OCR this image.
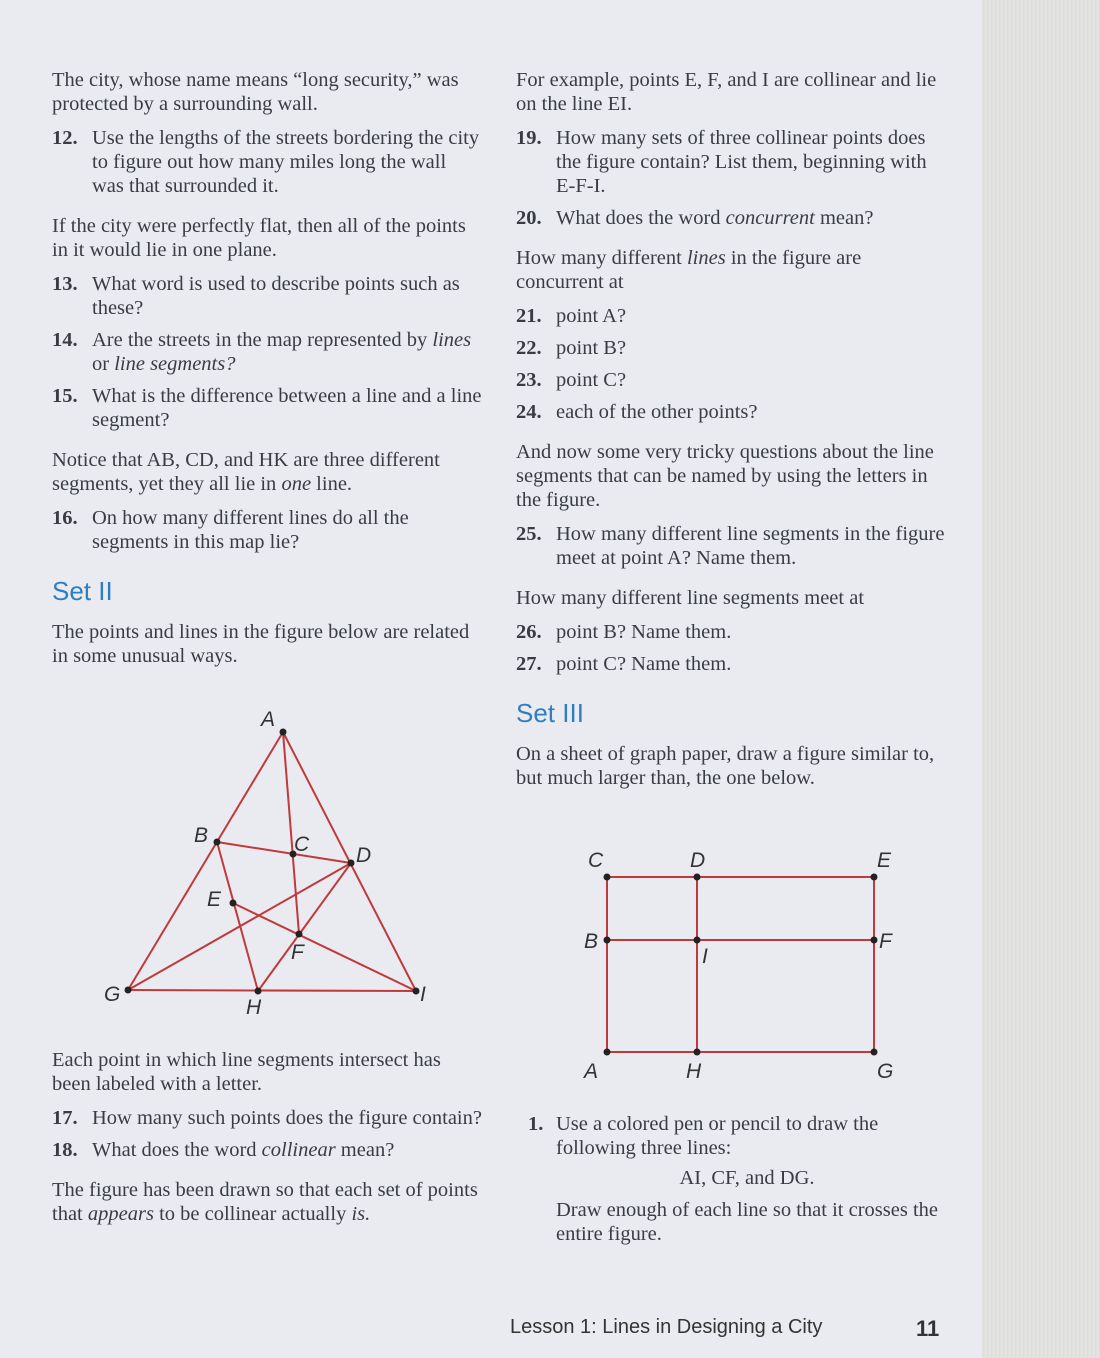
The city, whose name means “long security,” was protected by a surrounding wall.

12. Use the lengths of the streets bordering the city to figure out how many miles long the wall was that surrounded it.

If the city were perfectly flat, then all of the points in it would lie in one plane.

13. What word is used to describe points such as these?
14. Are the streets in the map represented by lines or line segments?
15. What is the difference between a line and a line segment?

Notice that AB, CD, and HK are three different segments, yet they all lie in one line.

16. On how many different lines do all the segments in this map lie?
Set II

The points and lines in the figure below are related in some unusual ways.

A
B	C D
E
F
G
H
I

Each point in which line segments intersect has been labeled with a letter.

17. How many such points does the figure contain?
18. What does the word collinear mean?

The figure has been drawn so that each set of points that appears to be collinear actually is.

For example, points E, F, and I are collinear and lie on the line EI.

19. How many sets of three collinear points does the figure contain? List them, beginning with E-F-I.
20. What does the word concurrent mean?

How many different lines in the figure are concurrent at

21. point A?
22. point B?
23. point C?
24. each of the other points?

And now some very tricky questions about the line segments that can be named by using the letters in the figure.

25. How many different line segments in the figure meet at point A? Name them.

How many different line segments meet at

26. point B? Name them.
27. point C? Name them.
Set III

On a sheet of graph paper, draw a figure similar to, but much larger than, the one below.

C	D	E
B
I
F
A	H	G
1. Use a colored pen or pencil to draw the following three lines:

AI, CF, and DG.

Draw enough of each line so that it crosses the entire figure.

Lesson 1: Lines in Designing a City	11
